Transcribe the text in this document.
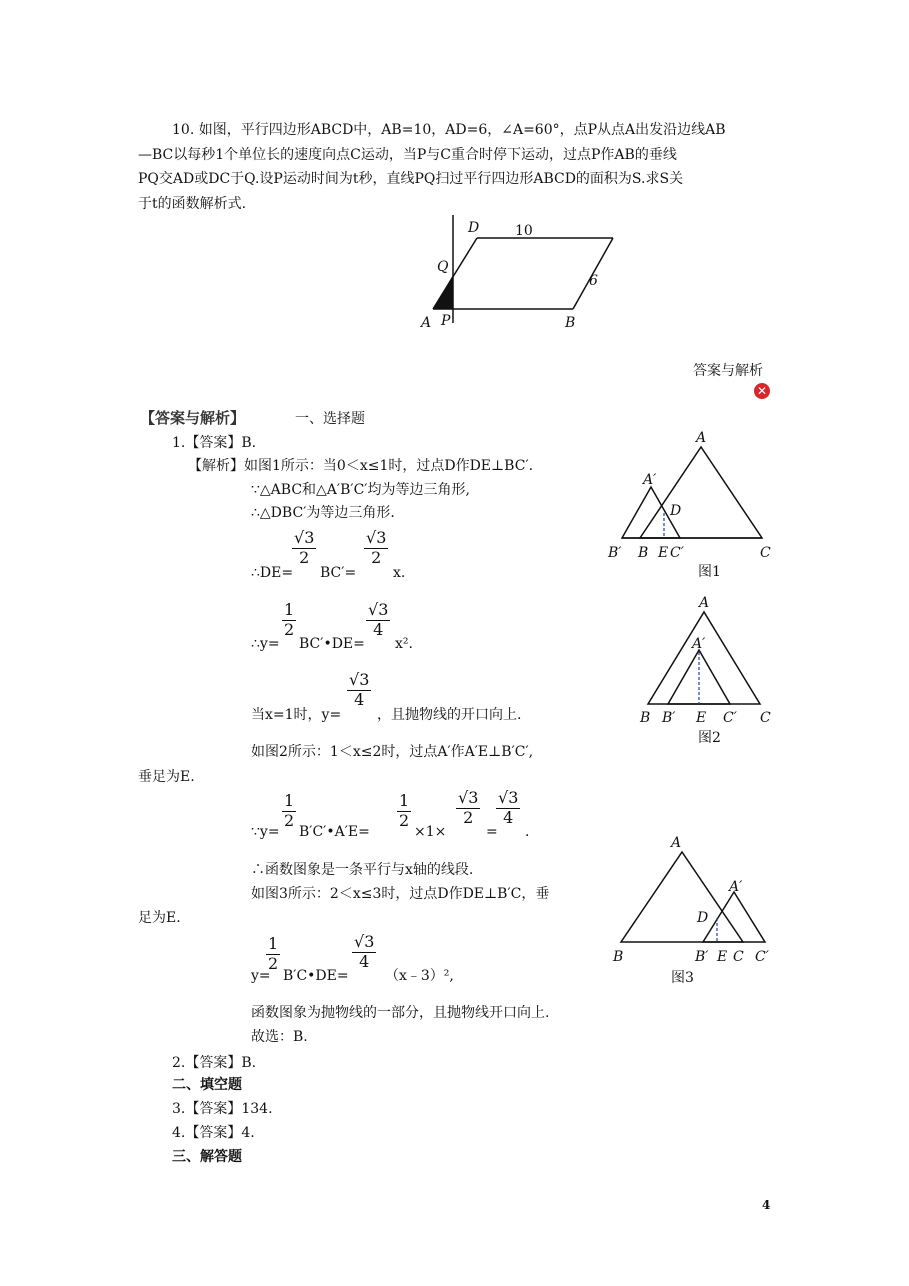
10. 如图，平行四边形ABCD中，AB=10，AD=6，∠A=60°，点P从点A出发沿边线AB
—BC以每秒1个单位长的速度向点C运动，当P与C重合时停下运动，过点P作AB的垂线
PQ交AD或DC于Q.设P运动时间为t秒，直线PQ扫过平行四边形ABCD的面积为S.求S关
于t的函数解析式.
D	10
Q
6
A P	B
答案与解析
✕
【答案与解析】	一、选择题
1.【答案】B.
【解析】如图1所示：当0＜x≤1时，过点D作DE⊥BC′.
∵△ABC和△A′B′C′均为等边三角形,
∴△DBC′为等边三角形.
∴DE=
$\frac{√3}{2}$
BC′=
$\frac{√3}{2}$
x.
∴y=
$\frac{1}{2}$
BC′•DE=
$\frac{√3}{4}$
x².
当x=1时，y=
$\frac{√3}{4}$
，且抛物线的开口向上.
如图2所示：1＜x≤2时，过点A′作A′E⊥B′C′,
垂足为E.
∵y=
$\frac{1}{2}$
B′C′•A′E=
$\frac{1}{2}$
×1×
$\frac{√3}{2}$
=
$\frac{√3}{4}$
.
∴函数图象是一条平行与x轴的线段.
如图3所示：2＜x≤3时，过点D作DE⊥B′C，垂
足为E.
y=
$\frac{1}{2}$
B′C•DE=
$\frac{√3}{4}$
（x﹣3）²,
函数图象为抛物线的一部分，且抛物线开口向上.
故选：B.
2.【答案】B.
二、填空题
3.【答案】134.
4.【答案】4.
三、解答题
A
A′
D
B′ B E C′	C
图1
A
A′
B B′ E C′ C
图2
A
A′
D
B	B′ E C C′
图3
4
